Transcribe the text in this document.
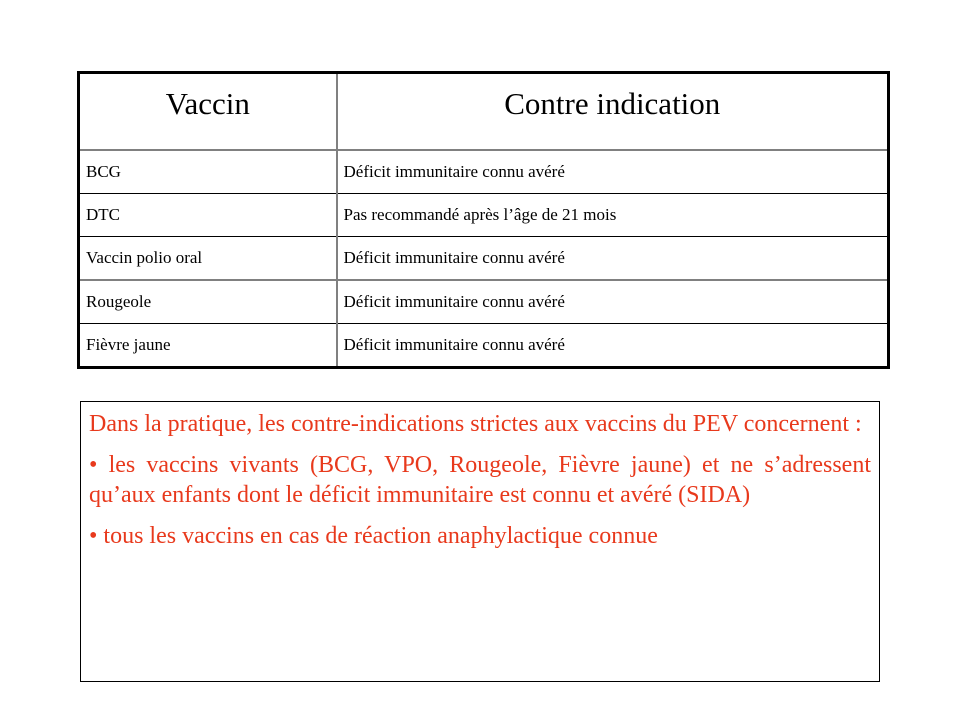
Vaccin	Contre indication
BCG	Déficit immunitaire connu avéré
DTC	Pas recommandé après l’âge de 21 mois
Vaccin polio oral	Déficit immunitaire connu avéré
Rougeole	Déficit immunitaire connu avéré
Fièvre jaune	Déficit immunitaire connu avéré

Dans la pratique, les contre-indications strictes aux vaccins du PEV concernent :

• les vaccins vivants (BCG, VPO, Rougeole, Fièvre jaune) et ne s’adressent qu’aux enfants dont le déficit immunitaire est connu et avéré (SIDA)

• tous les vaccins en cas de réaction anaphylactique connue
